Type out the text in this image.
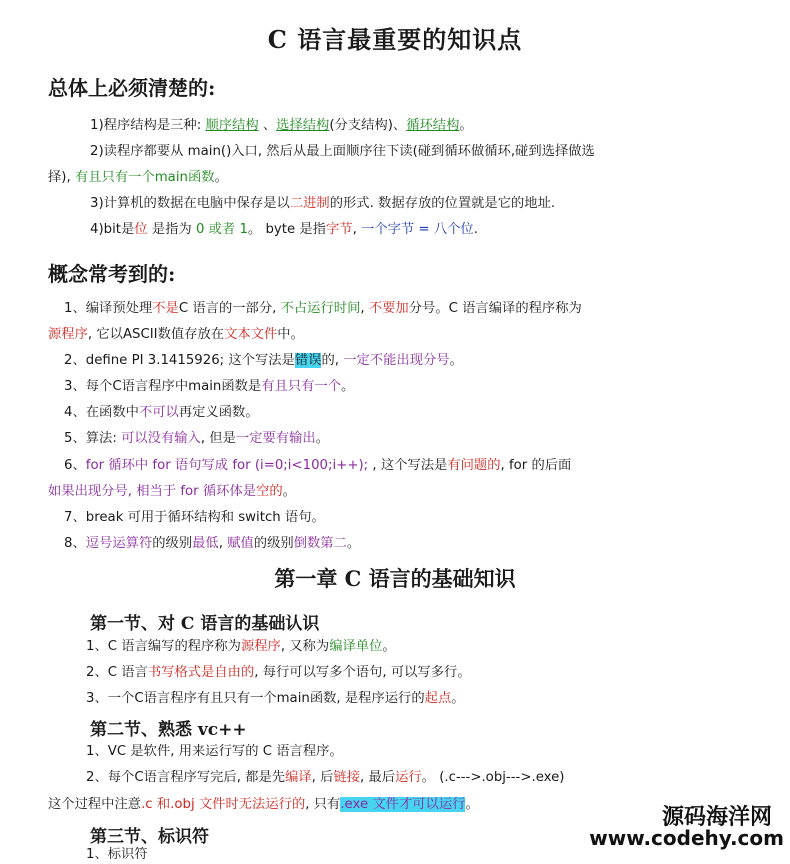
C 语言最重要的知识点
总体上必须清楚的:
1)程序结构是三种: 顺序结构 、选择结构(分支结构)、循环结构。
2)读程序都要从 main()入口, 然后从最上面顺序往下读(碰到循环做循环,碰到选择做选
择), 有且只有一个main函数。
3)计算机的数据在电脑中保存是以二进制的形式. 数据存放的位置就是它的地址.
4)bit是位 是指为 0 或者 1。 byte 是指字节, 一个字节 = 八个位.
概念常考到的:
1、编译预处理不是C 语言的一部分, 不占运行时间, 不要加分号。C 语言编译的程序称为
源程序, 它以ASCII数值存放在文本文件中。
2、define PI 3.1415926; 这个写法是错误的, 一定不能出现分号。
3、每个C语言程序中main函数是有且只有一个。
4、在函数中不可以再定义函数。
5、算法: 可以没有输入, 但是一定要有输出。
6、for 循环中 for 语句写成 for (i=0;i<100;i++); , 这个写法是有问题的, for 的后面
如果出现分号, 相当于 for 循环体是空的。
7、break 可用于循环结构和 switch 语句。
8、逗号运算符的级别最低, 赋值的级别倒数第二。
第一章 C 语言的基础知识
第一节、对 C 语言的基础认识
1、C 语言编写的程序称为源程序, 又称为编译单位。
2、C 语言书写格式是自由的, 每行可以写多个语句, 可以写多行。
3、一个C语言程序有且只有一个main函数, 是程序运行的起点。
第二节、熟悉 vc++
1、VC 是软件, 用来运行写的 C 语言程序。
2、每个C语言程序写完后, 都是先编译, 后链接, 最后运行。 (.c--->.obj--->.exe)
这个过程中注意.c 和.obj 文件时无法运行的, 只有.exe 文件才可以运行。
第三节、标识符
1、标识符
源码海洋网
www.codehy.com
